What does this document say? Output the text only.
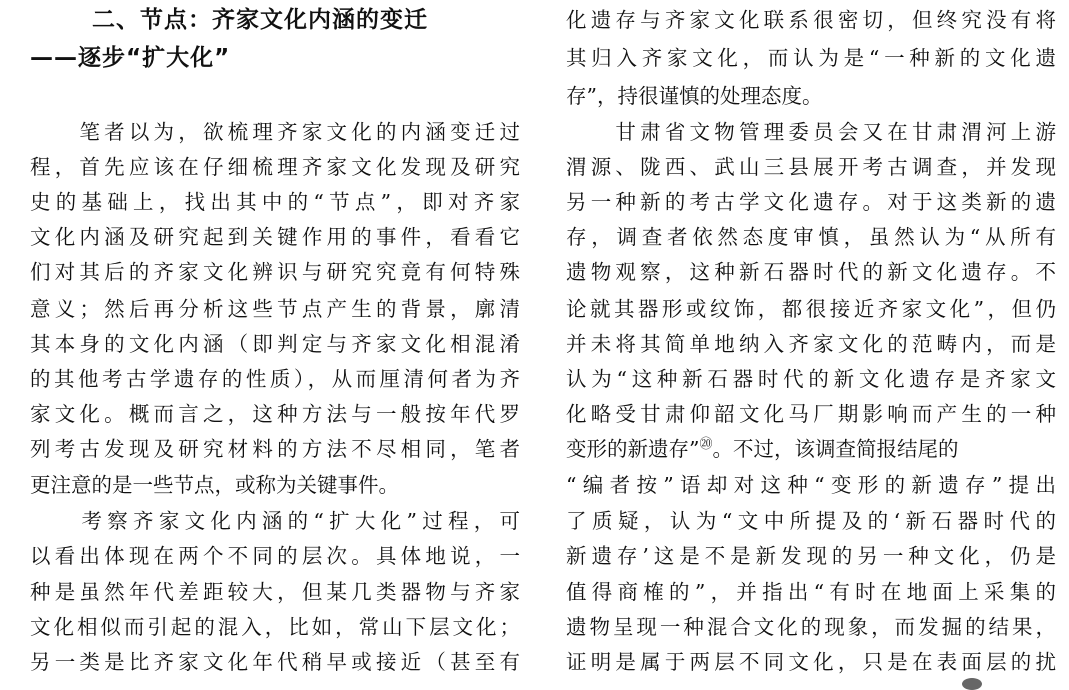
二、节点：齐家文化内涵的变迁
——逐步“扩大化”
　　笔者以为，欲梳理齐家文化的内涵变迁过
程，首先应该在仔细梳理齐家文化发现及研究
史的基础上，找出其中的“节点”，即对齐家
文化内涵及研究起到关键作用的事件，看看它
们对其后的齐家文化辨识与研究究竟有何特殊
意义；然后再分析这些节点产生的背景，廓清
其本身的文化内涵（即判定与齐家文化相混淆
的其他考古学遗存的性质），从而厘清何者为齐
家文化。概而言之，这种方法与一般按年代罗
列考古发现及研究材料的方法不尽相同，笔者
更注意的是一些节点，或称为关键事件。
　　考察齐家文化内涵的“扩大化”过程，可
以看出体现在两个不同的层次。具体地说，一
种是虽然年代差距较大，但某几类器物与齐家
文化相似而引起的混入，比如，常山下层文化；
另一类是比齐家文化年代稍早或接近（甚至有
化遗存与齐家文化联系很密切，但终究没有将
其归入齐家文化，而认为是“一种新的文化遗
存”，持很谨慎的处理态度。
　　甘肃省文物管理委员会又在甘肃渭河上游
渭源、陇西、武山三县展开考古调查，并发现
另一种新的考古学文化遗存。对于这类新的遗
存，调查者依然态度审慎，虽然认为“从所有
遗物观察，这种新石器时代的新文化遗存。不
论就其器形或纹饰，都很接近齐家文化”，但仍
并未将其简单地纳入齐家文化的范畴内，而是
认为“这种新石器时代的新文化遗存是齐家文
化略受甘肃仰韶文化马厂期影响而产生的一种
变形的新遗存”⑳。不过，该调查简报结尾的
“编者按”语却对这种“变形的新遗存”提出
了质疑，认为“文中所提及的‘新石器时代的
新遗存’这是不是新发现的另一种文化，仍是
值得商榷的”，并指出“有时在地面上采集的
遗物呈现一种混合文化的现象，而发掘的结果，
证明是属于两层不同文化，只是在表面层的扰
